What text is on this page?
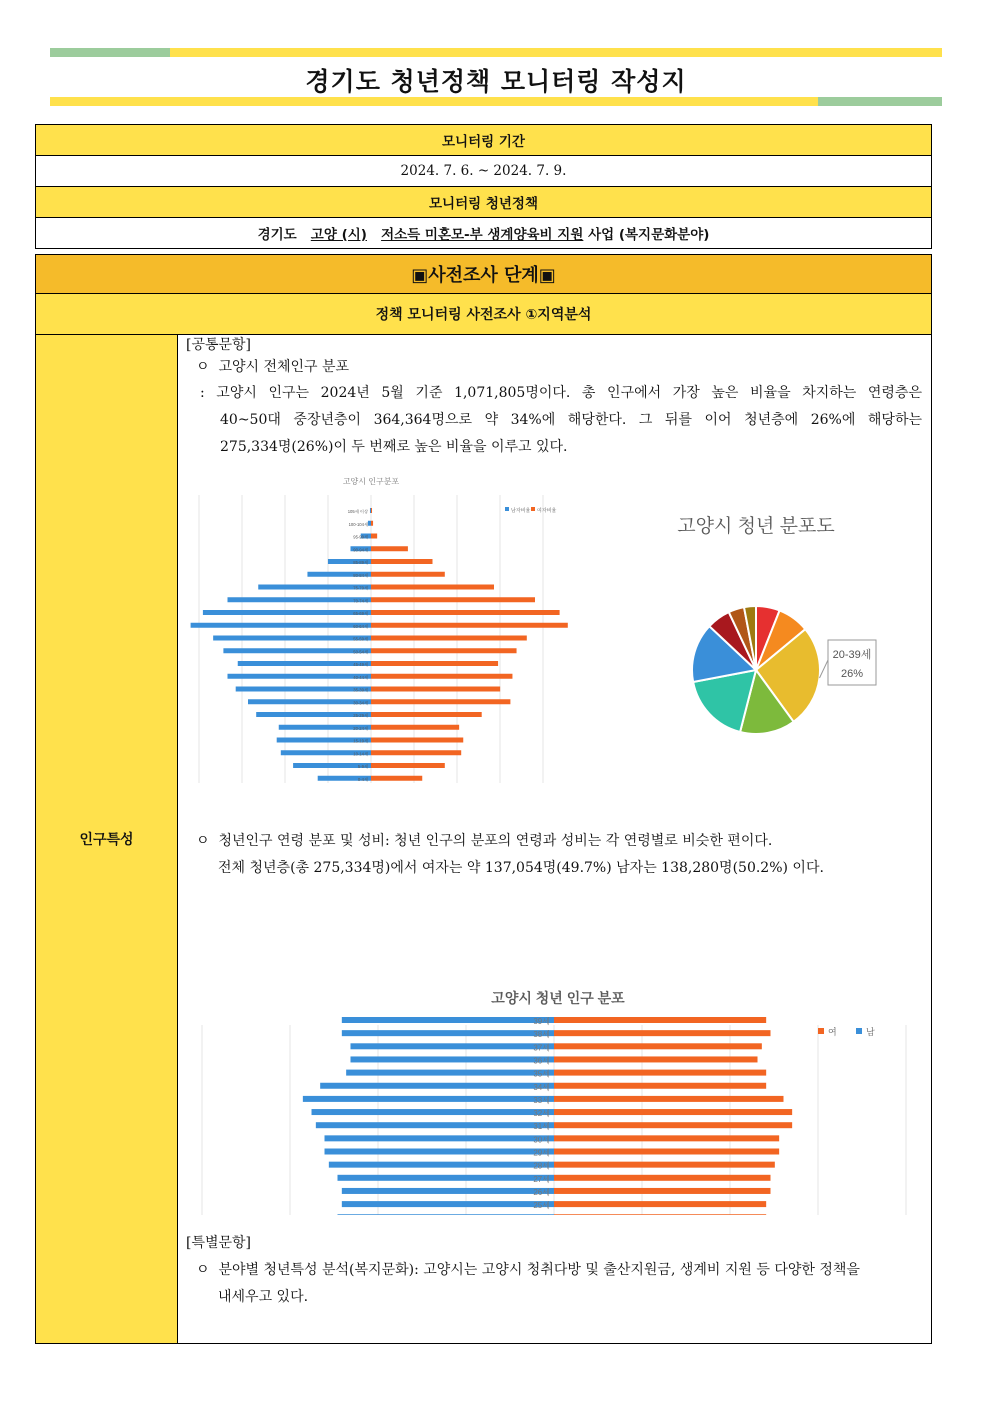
경기도 청년정책 모니터링 작성지
모니터링 기간
2024. 7. 6. ~ 2024. 7. 9.
모니터링 청년정책
경기도 고양 (시) 저소득 미혼모-부 생계양육비 지원 사업 (복지문화분야)
▣사전조사 단계▣
정책 모니터링 사전조사 ①지역분석
인구특성	
[공통문항]
ㅇ 고양시 전체인구 분포
: 고양시 인구는 2024년 5월 기준 1,071,805명이다. 총 인구에서 가장 높은 비율을 차지하는 연령층은
40~50대 중장년층이 364,364명으로 약 34%에 해당한다. 그 뒤를 이어 청년층에 26%에 해당하는
275,334명(26%)이 두 번째로 높은 비율을 이루고 있다.
고양시 인구분포
남자비율 여자비율
0-4세
5-9세
10-14세
15-19세
20-24세
25-29세
30-34세
35-39세
40-44세
45-49세
50-54세
55-59세
60-64세
65-69세
70-74세
75-79세
80-84세
85-89세
90-94세
95-99세
100-104세
105세 이상
고양시 청년 분포도
20-39세
26%
ㅇ 청년인구 연령 분포 및 성비: 청년 인구의 분포의 연령과 성비는 각 연령별로 비슷한 편이다.
전체 청년층(총 275,334명)에서 여자는 약 137,054명(49.7%) 남자는 138,280명(50.2%) 이다.
고양시 청년 인구 분포
여	남
25세
26세
27세
28세
29세
30세
31세
32세
33세
34세
35세
36세
37세
38세
39세
[특별문항]
ㅇ 분야별 청년특성 분석(복지문화): 고양시는 고양시 청취다방 및 출산지원금, 생계비 지원 등 다양한 정책을
내세우고 있다.
